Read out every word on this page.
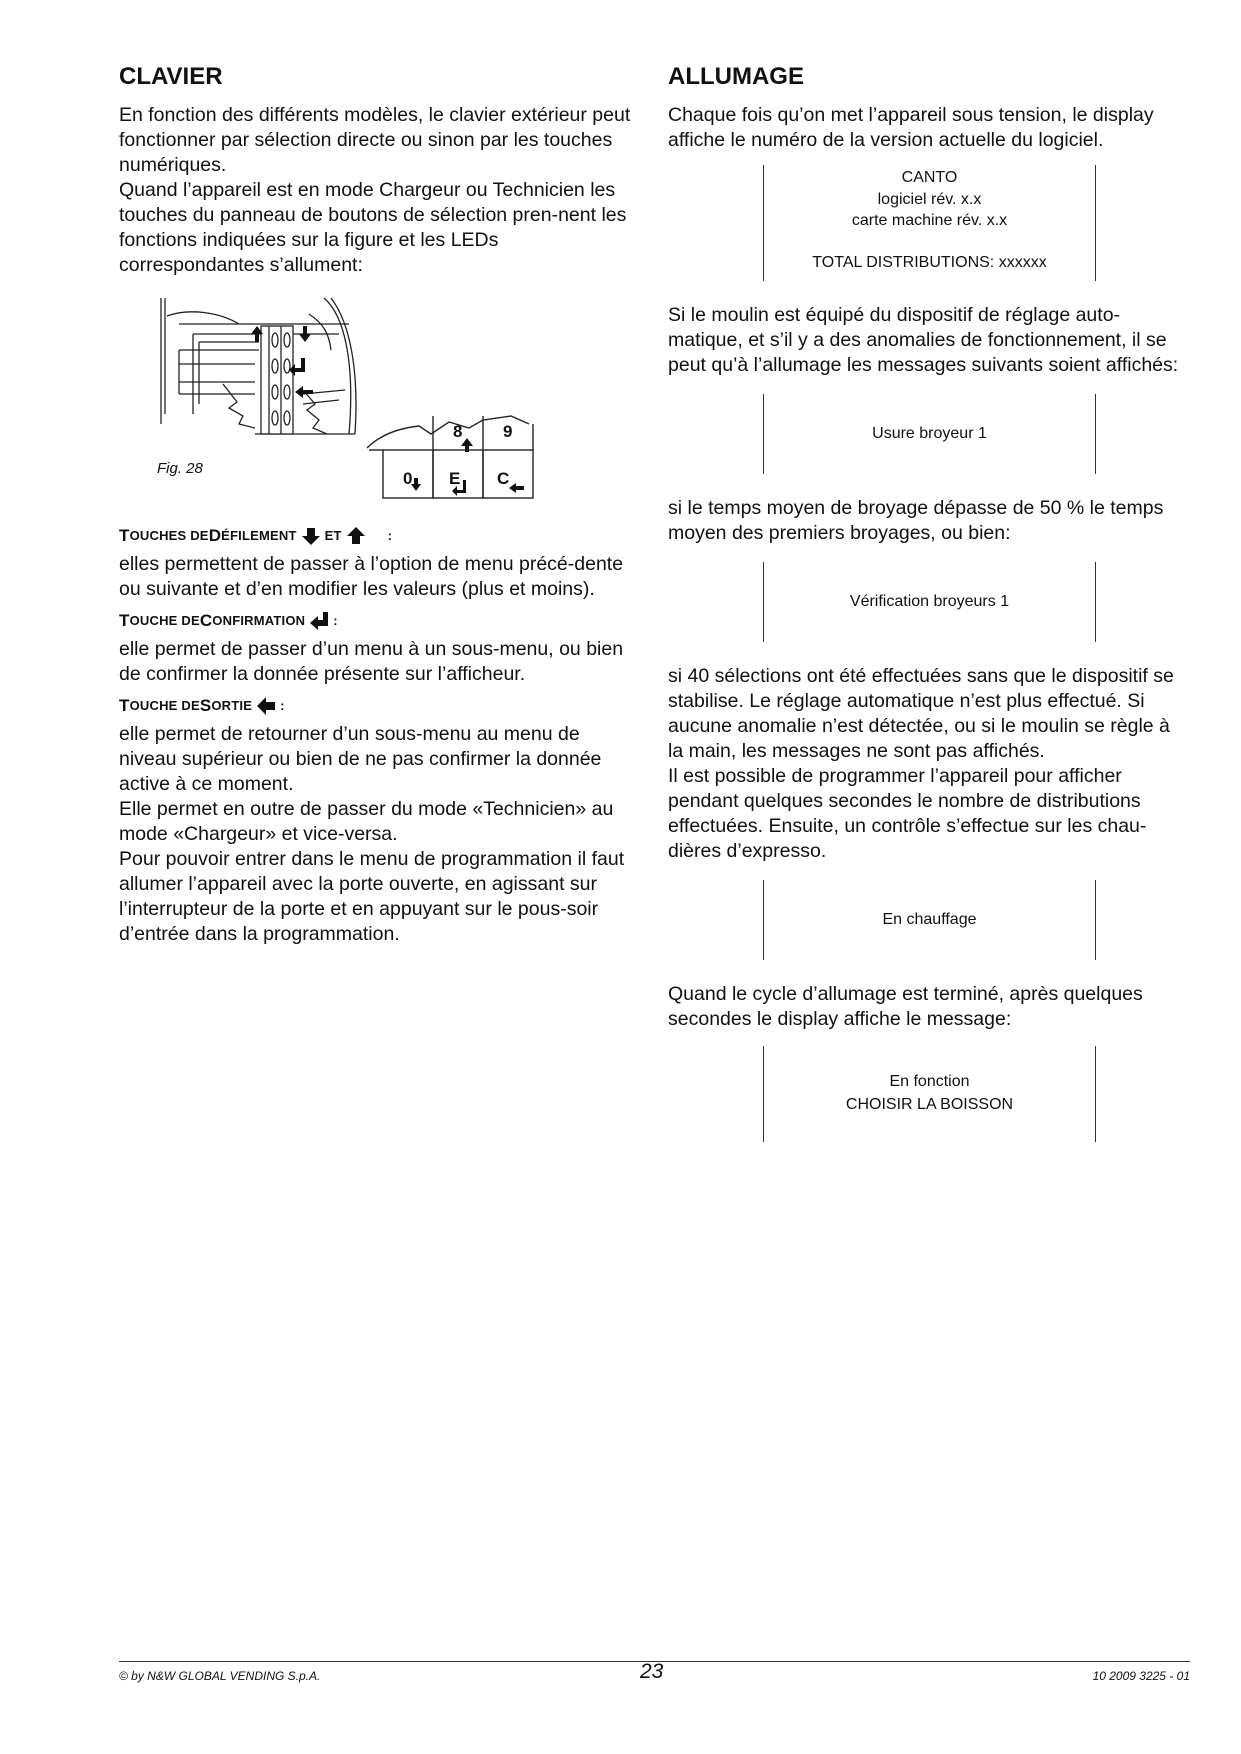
CLAVIER

En fonction des différents modèles, le clavier extérieur peut fonctionner par sélection directe ou sinon par les touches numériques.

Quand l’appareil est en mode Chargeur ou Technicien les touches du panneau de boutons de sélection pren-nent les fonctions indiquées sur la figure et les LEDs correspondantes s’allument:

8 9
0 E C
Fig. 28
T OUCHES DE D ÉFILEMENT ET	:

elles permettent de passer à l’option de menu précé-dente ou suivante et d’en modifier les valeurs (plus et moins).

T OUCHE DE C ONFIRMATION :

elle permet de passer d’un menu à un sous-menu, ou bien de confirmer la donnée présente sur l’afficheur.

T OUCHE DE S ORTIE :

elle permet de retourner d’un sous-menu au menu de niveau supérieur ou bien de ne pas confirmer la donnée active à ce moment.

Elle permet en outre de passer du mode «Technicien» au mode «Chargeur» et vice-versa.

Pour pouvoir entrer dans le menu de programmation il faut allumer l’appareil avec la porte ouverte, en agissant sur l’interrupteur de la porte et en appuyant sur le pous-soir d’entrée dans la programmation.

ALLUMAGE

Chaque fois qu’on met l’appareil sous tension, le display affiche le numéro de la version actuelle du logiciel.

CANTO
logiciel rév. x.x
carte machine rév. x.x
TOTAL DISTRIBUTIONS: xxxxxx

Si le moulin est équipé du dispositif de réglage auto-matique, et s’il y a des anomalies de fonctionnement, il se peut qu’à l’allumage les messages suivants soient affichés:

Usure broyeur 1

si le temps moyen de broyage dépasse de 50 % le temps moyen des premiers broyages, ou bien:

Vérification broyeurs 1

si 40 sélections ont été effectuées sans que le dispositif se stabilise. Le réglage automatique n’est plus effectué. Si aucune anomalie n’est détectée, ou si le moulin se règle à la main, les messages ne sont pas affichés.

Il est possible de programmer l’appareil pour afficher pendant quelques secondes le nombre de distributions effectuées. Ensuite, un contrôle s’effectue sur les chau-dières d’expresso.

En chauffage

Quand le cycle d’allumage est terminé, après quelques secondes le display affiche le message:

En fonction
CHOISIR LA BOISSON
© by N&W GLOBAL VENDING S.p.A.	23	10 2009 3225 - 01
